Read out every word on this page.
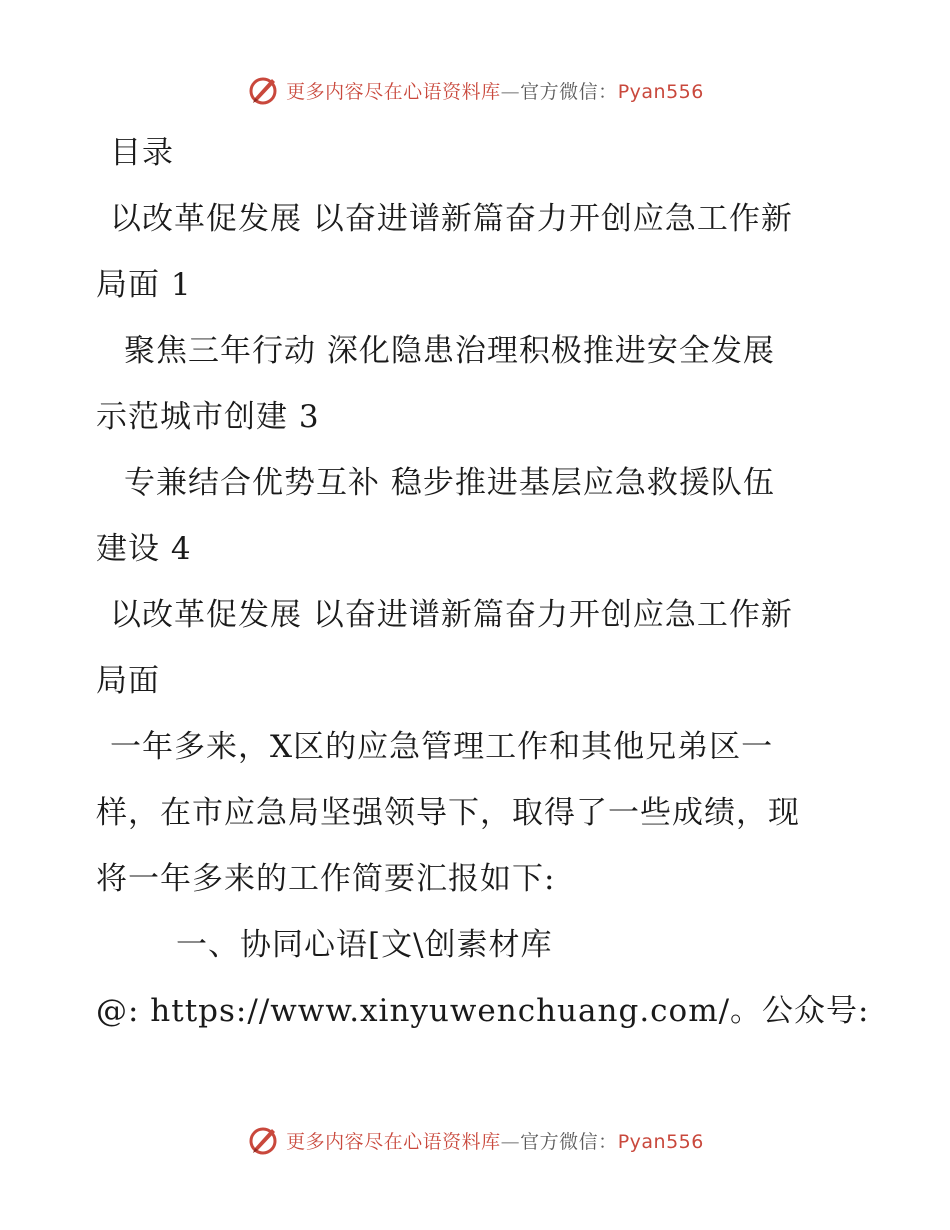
更多内容尽在心语资料库—官方微信：Pyan556
目录
以改革促发展 以奋进谱新篇奋力开创应急工作新
局面 1
聚焦三年行动 深化隐患治理积极推进安全发展
示范城市创建 3
专兼结合优势互补 稳步推进基层应急救援队伍
建设 4
以改革促发展 以奋进谱新篇奋力开创应急工作新
局面
一年多来，X区的应急管理工作和其他兄弟区一
样，在市应急局坚强领导下，取得了一些成绩，现
将一年多来的工作简要汇报如下:
一、协同心语[文\创素材库
@: https://www.xinyuwenchuang.com/。公众号:
更多内容尽在心语资料库—官方微信：Pyan556
